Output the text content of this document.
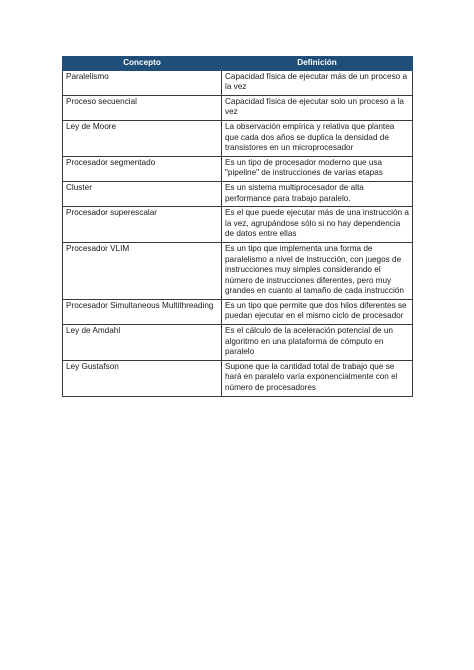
Concepto	Definición
Paralelismo	Capacidad física de ejecutar más de un proceso a la vez
Proceso secuencial	Capacidad física de ejecutar solo un proceso a la vez
Ley de Moore	La observación empírica y relativa que plantea que cada dos años se duplica la densidad de transistores en un microprocesador
Procesador segmentado	Es un tipo de procesador moderno que usa "pipeline" de instrucciones de varias etapas
Cluster	Es un sistema multiprocesador de alta performance para trabajo paralelo.
Procesador superescalar	Es el que puede ejecutar más de una instrucción a la vez, agrupándose sólo si no hay dependencia de datos entre ellas
Procesador VLIM	Es un tipo que implementa una forma de paralelismo a nivel de instrucción, con juegos de instrucciones muy simples considerando el número de instrucciones diferentes, pero muy grandes en cuanto al tamaño de cada instrucción
Procesador Simultaneous Multithreading	Es un tipo que permite que dos hilos diferentes se puedan ejecutar en el mismo ciclo de procesador
Ley de Amdahl	Es el cálculo de la aceleración potencial de un algoritmo en una plataforma de cómputo en paralelo
Ley Gustafson	Supone que la cantidad total de trabajo que se hará en paralelo varía exponencialmente con el número de procesadores
